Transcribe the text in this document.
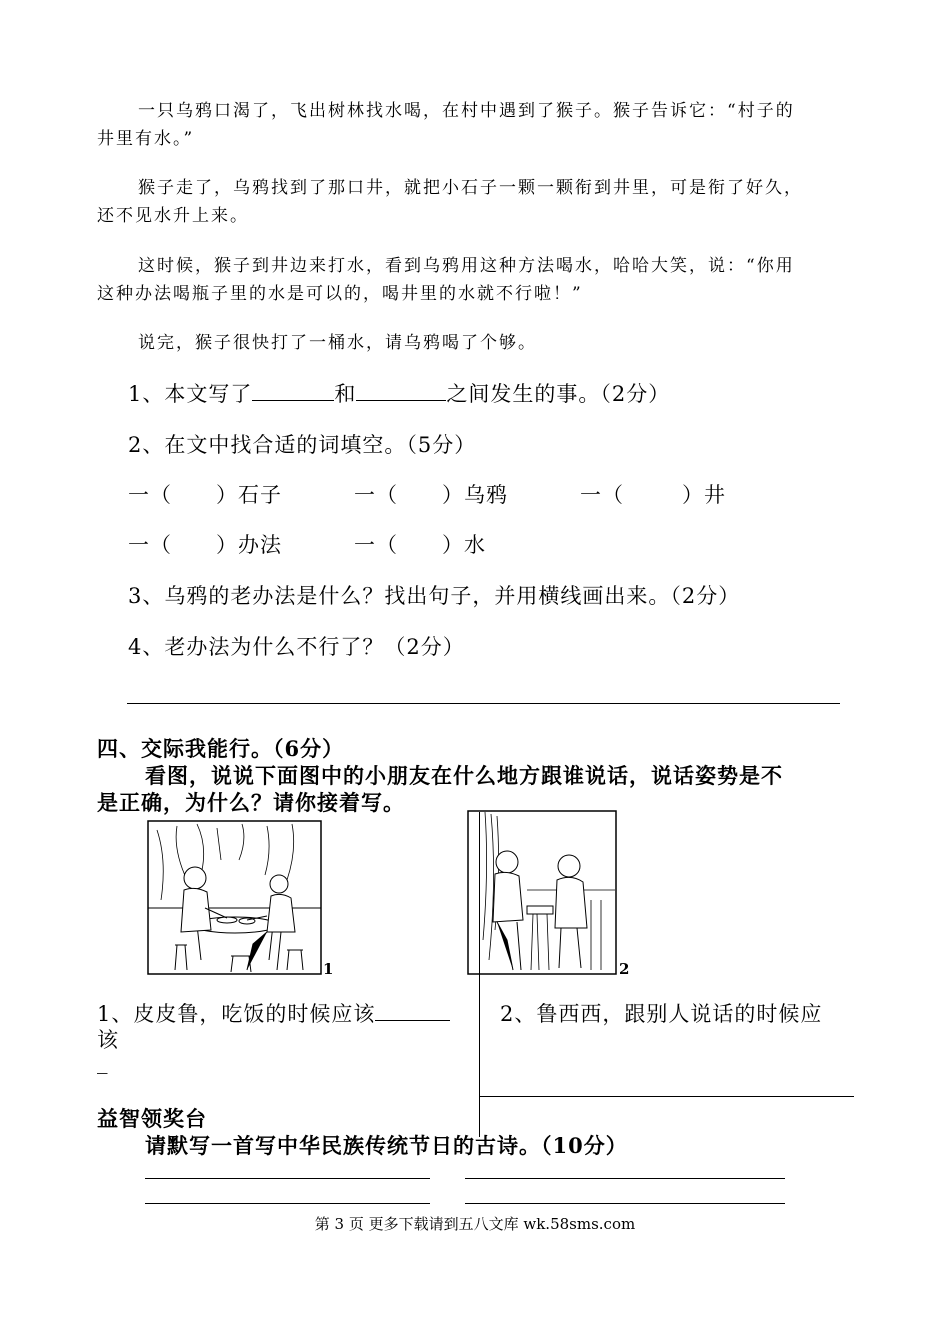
一只乌鸦口渴了，飞出树林找水喝，在村中遇到了猴子。猴子告诉它：“村子的
井里有水。”
猴子走了，乌鸦找到了那口井，就把小石子一颗一颗衔到井里，可是衔了好久，
还不见水升上来。
这时候，猴子到井边来打水，看到乌鸦用这种方法喝水，哈哈大笑，说：“你用
这种办法喝瓶子里的水是可以的，喝井里的水就不行啦！”
说完，猴子很快打了一桶水，请乌鸦喝了个够。
1、本文写了	和	之间发生的事。（2分）
2、在文中找合适的词填空。（5分）
一（ ）石子	一（ ）乌鸦	一（	）井
一（ ）办法	一（ ）水
3、乌鸦的老办法是什么？找出句子，并用横线画出来。（2分）
4、老办法为什么不行了？（2分）
四、交际我能行。（6分）
看图，说说下面图中的小朋友在什么地方跟谁说话，说话姿势是不
是正确，为什么？请你接着写。
1	2
1、皮皮鲁，吃饭的时候应该
该
_
2、鲁西西，跟别人说话的时候应
益智领奖台
请默写一首写中华民族传统节日的古诗。（10分）
第 3 页 更多下载请到五八文库 wk.58sms.com
